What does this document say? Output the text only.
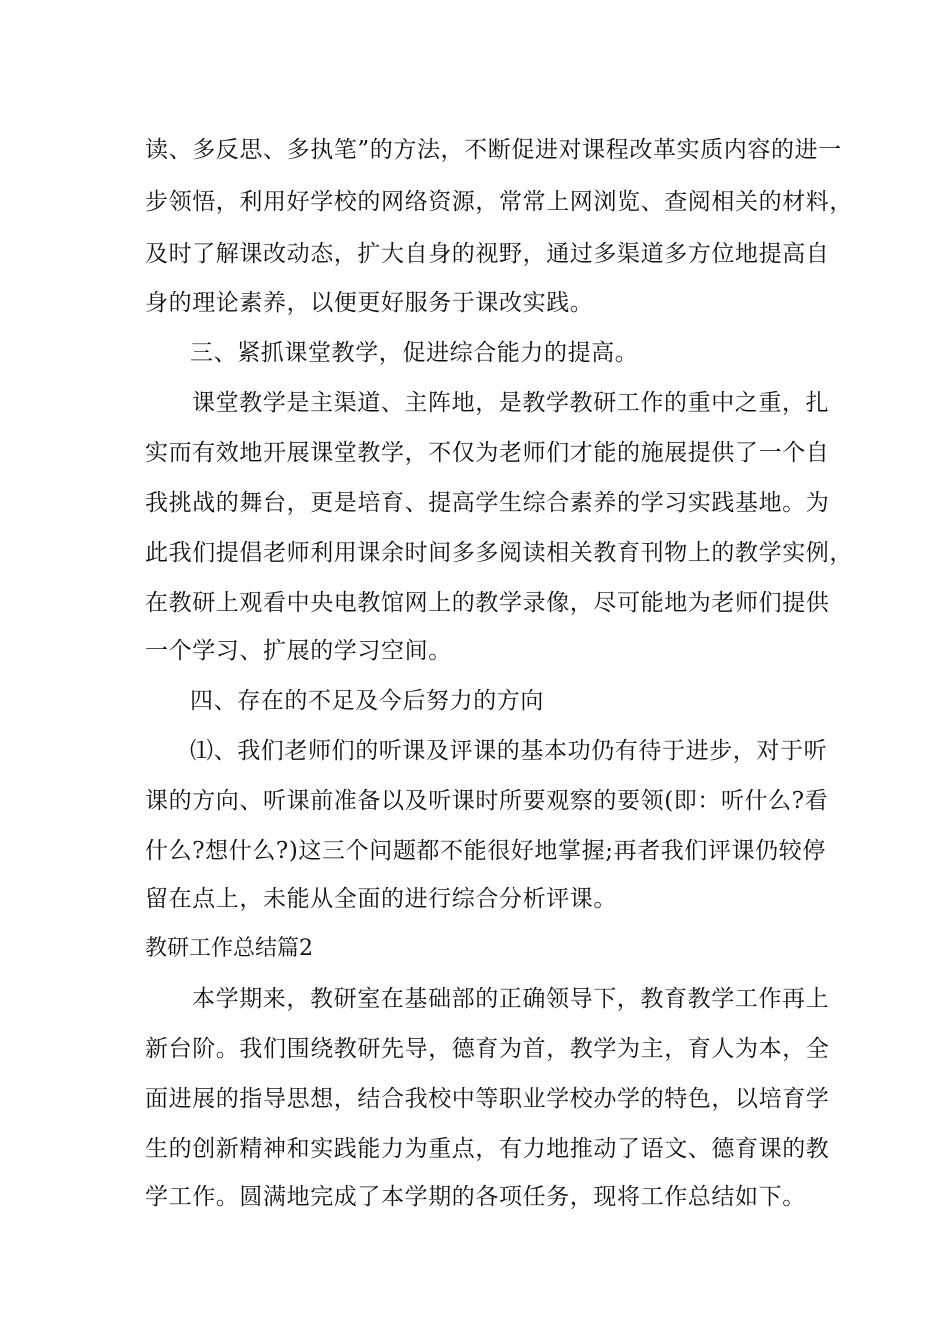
读、多反思、多执笔”的方法，不断促进对课程改革实质内容的进一
步领悟，利用好学校的网络资源，常常上网浏览、查阅相关的材料，
及时了解课改动态，扩大自身的视野，通过多渠道多方位地提高自
身的理论素养，以便更好服务于课改实践。
三、紧抓课堂教学，促进综合能力的提高。
课堂教学是主渠道、主阵地，是教学教研工作的重中之重，扎
实而有效地开展课堂教学，不仅为老师们才能的施展提供了一个自
我挑战的舞台，更是培育、提高学生综合素养的学习实践基地。为
此我们提倡老师利用课余时间多多阅读相关教育刊物上的教学实例，
在教研上观看中央电教馆网上的教学录像，尽可能地为老师们提供
一个学习、扩展的学习空间。
四、存在的不足及今后努力的方向
⑴、我们老师们的听课及评课的基本功仍有待于进步，对于听
课的方向、听课前准备以及听课时所要观察的要领(即：听什么?看
什么?想什么?)这三个问题都不能很好地掌握;再者我们评课仍较停
留在点上，未能从全面的进行综合分析评课。
教研工作总结篇2
本学期来，教研室在基础部的正确领导下，教育教学工作再上
新台阶。我们围绕教研先导，德育为首，教学为主，育人为本，全
面进展的指导思想，结合我校中等职业学校办学的特色，以培育学
生的创新精神和实践能力为重点，有力地推动了语文、德育课的教
学工作。圆满地完成了本学期的各项任务，现将工作总结如下。
